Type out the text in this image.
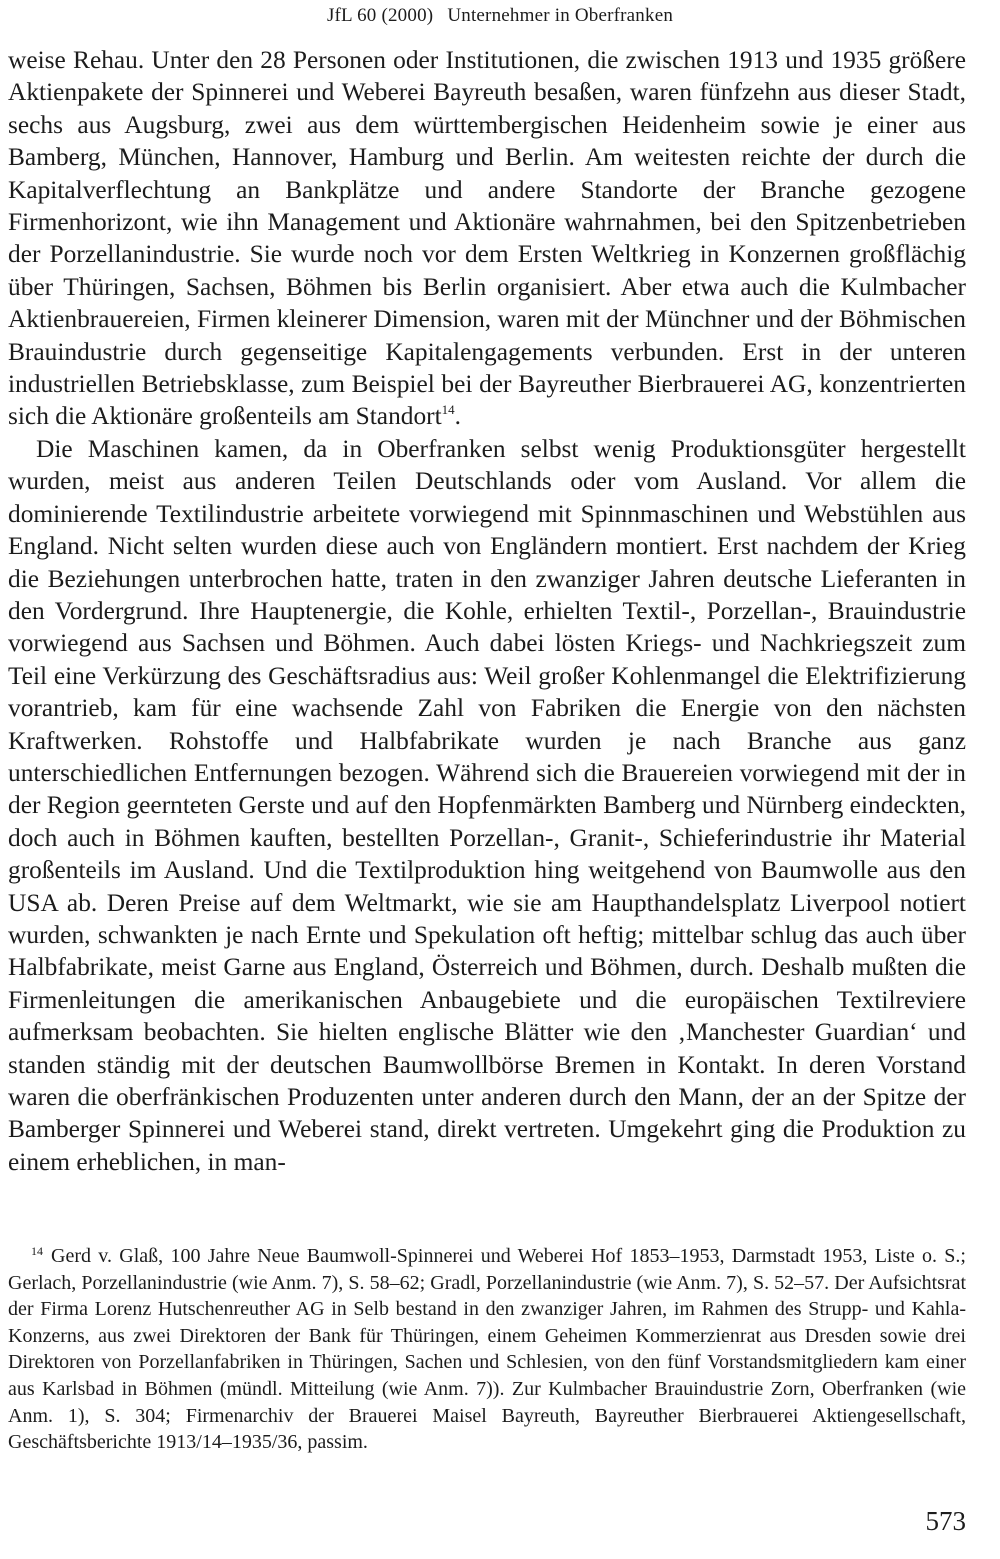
JfL 60 (2000) Unternehmer in Oberfranken

weise Rehau. Unter den 28 Personen oder Institutionen, die zwischen 1913 und 1935 größere Aktienpakete der Spinnerei und Weberei Bayreuth besaßen, waren fünfzehn aus dieser Stadt, sechs aus Augsburg, zwei aus dem württembergischen Heidenheim sowie je einer aus Bamberg, München, Hannover, Hamburg und Berlin. Am weitesten reichte der durch die Kapitalverflechtung an Bankplätze und andere Standorte der Branche gezogene Firmenhorizont, wie ihn Management und Aktionäre wahrnahmen, bei den Spitzenbetrieben der Porzellanindustrie. Sie wurde noch vor dem Ersten Weltkrieg in Konzernen großflächig über Thüringen, Sachsen, Böhmen bis Berlin organisiert. Aber etwa auch die Kulmbacher Aktienbrauereien, Firmen kleinerer Dimension, waren mit der Münchner und der Böhmischen Brauindustrie durch gegenseitige Kapitalengagements verbunden. Erst in der unteren industriellen Betriebsklasse, zum Beispiel bei der Bayreuther Bierbrauerei AG, konzentrierten sich die Aktionäre großenteils am Standort$^{14}$.

Die Maschinen kamen, da in Oberfranken selbst wenig Produktionsgüter hergestellt wurden, meist aus anderen Teilen Deutschlands oder vom Ausland. Vor allem die dominierende Textilindustrie arbeitete vorwiegend mit Spinnmaschinen und Webstühlen aus England. Nicht selten wurden diese auch von Engländern montiert. Erst nachdem der Krieg die Beziehungen unterbrochen hatte, traten in den zwanziger Jahren deutsche Lieferanten in den Vordergrund. Ihre Hauptenergie, die Kohle, erhielten Textil-, Porzellan-, Brauindustrie vorwiegend aus Sachsen und Böhmen. Auch dabei lösten Kriegs- und Nachkriegszeit zum Teil eine Verkürzung des Geschäftsradius aus: Weil großer Kohlenmangel die Elektrifizierung vorantrieb, kam für eine wachsende Zahl von Fabriken die Energie von den nächsten Kraftwerken. Rohstoffe und Halbfabrikate wurden je nach Branche aus ganz unterschiedlichen Entfernungen bezogen. Während sich die Brauereien vorwiegend mit der in der Region geernteten Gerste und auf den Hopfenmärkten Bamberg und Nürnberg eindeckten, doch auch in Böhmen kauften, bestellten Porzellan-, Granit-, Schieferindustrie ihr Material großenteils im Ausland. Und die Textilproduktion hing weitgehend von Baumwolle aus den USA ab. Deren Preise auf dem Weltmarkt, wie sie am Haupthandelsplatz Liverpool notiert wurden, schwankten je nach Ernte und Spekulation oft heftig; mittelbar schlug das auch über Halbfabrikate, meist Garne aus England, Österreich und Böhmen, durch. Deshalb mußten die Firmenleitungen die amerikanischen Anbaugebiete und die europäischen Textilreviere aufmerksam beobachten. Sie hielten englische Blätter wie den ‚Manchester Guardian‘ und standen ständig mit der deutschen Baumwollbörse Bremen in Kontakt. In deren Vorstand waren die oberfränkischen Produzenten unter anderen durch den Mann, der an der Spitze der Bamberger Spinnerei und Weberei stand, direkt vertreten. Umgekehrt ging die Produktion zu einem erheblichen, in man-

$^{14}$ Gerd v. Glaß, 100 Jahre Neue Baumwoll-Spinnerei und Weberei Hof 1853–1953, Darmstadt 1953, Liste o. S.; Gerlach, Porzellanindustrie (wie Anm. 7), S. 58–62; Gradl, Porzellanindustrie (wie Anm. 7), S. 52–57. Der Aufsichtsrat der Firma Lorenz Hutschenreuther AG in Selb bestand in den zwanziger Jahren, im Rahmen des Strupp- und Kahla-Konzerns, aus zwei Direktoren der Bank für Thüringen, einem Geheimen Kommerzienrat aus Dresden sowie drei Direktoren von Porzellanfabriken in Thüringen, Sachen und Schlesien, von den fünf Vorstandsmitgliedern kam einer aus Karlsbad in Böhmen (mündl. Mitteilung (wie Anm. 7)). Zur Kulmbacher Brauindustrie Zorn, Oberfranken (wie Anm. 1), S. 304; Firmenarchiv der Brauerei Maisel Bayreuth, Bayreuther Bierbrauerei Aktiengesellschaft, Geschäftsberichte 1913/14–1935/36, passim.

573
